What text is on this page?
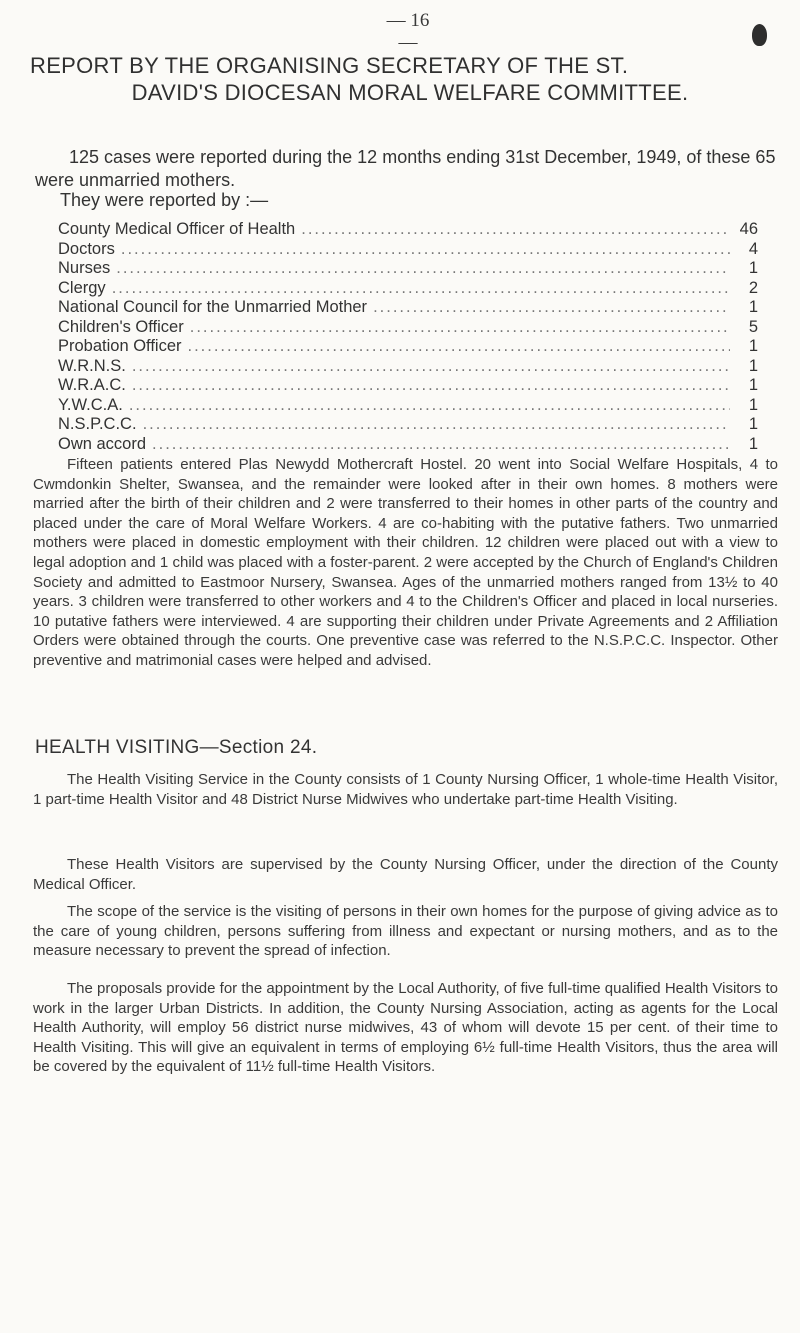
— 16 —
REPORT BY THE ORGANISING SECRETARY OF THE ST.
DAVID'S DIOCESAN MORAL WELFARE COMMITTEE.

125 cases were reported during the 12 months ending 31st December, 1949, of these 65 were unmarried mothers.

They were reported by :—
County Medical Officer of Health .....	46
Doctors .....	4
Nurses .....	1
Clergy .....	2
National Council for the Unmarried Mother .....	1
Children's Officer .....	5
Probation Officer .....	1
W.R.N.S. .....	1
W.R.A.C. .....	1
Y.W.C.A. .....	1
N.S.P.C.C. .....	1
Own accord .....	1

Fifteen patients entered Plas Newydd Mothercraft Hostel. 20 went into Social Welfare Hospitals, 4 to Cwmdonkin Shelter, Swansea, and the remainder were looked after in their own homes. 8 mothers were married after the birth of their children and 2 were transferred to their homes in other parts of the country and placed under the care of Moral Welfare Workers. 4 are co-habiting with the putative fathers. Two unmarried mothers were placed in domestic employment with their children. 12 children were placed out with a view to legal adoption and 1 child was placed with a foster-parent. 2 were accepted by the Church of England's Children Society and admitted to Eastmoor Nursery, Swansea. Ages of the unmarried mothers ranged from 13½ to 40 years. 3 children were transferred to other workers and 4 to the Children's Officer and placed in local nurseries. 10 putative fathers were interviewed. 4 are supporting their children under Private Agreements and 2 Affiliation Orders were obtained through the courts. One preventive case was referred to the N.S.P.C.C. Inspector. Other preventive and matrimonial cases were helped and advised.

HEALTH VISITING—Section 24.

The Health Visiting Service in the County consists of 1 County Nursing Officer, 1 whole-time Health Visitor, 1 part-time Health Visitor and 48 District Nurse Midwives who undertake part-time Health Visiting.

These Health Visitors are supervised by the County Nursing Officer, under the direction of the County Medical Officer.

The scope of the service is the visiting of persons in their own homes for the purpose of giving advice as to the care of young children, persons suffering from illness and expectant or nursing mothers, and as to the measure necessary to prevent the spread of infection.

The proposals provide for the appointment by the Local Authority, of five full-time qualified Health Visitors to work in the larger Urban Districts. In addition, the County Nursing Association, acting as agents for the Local Health Authority, will employ 56 district nurse midwives, 43 of whom will devote 15 per cent. of their time to Health Visiting. This will give an equivalent in terms of employing 6½ full-time Health Visitors, thus the area will be covered by the equivalent of 11½ full-time Health Visitors.
